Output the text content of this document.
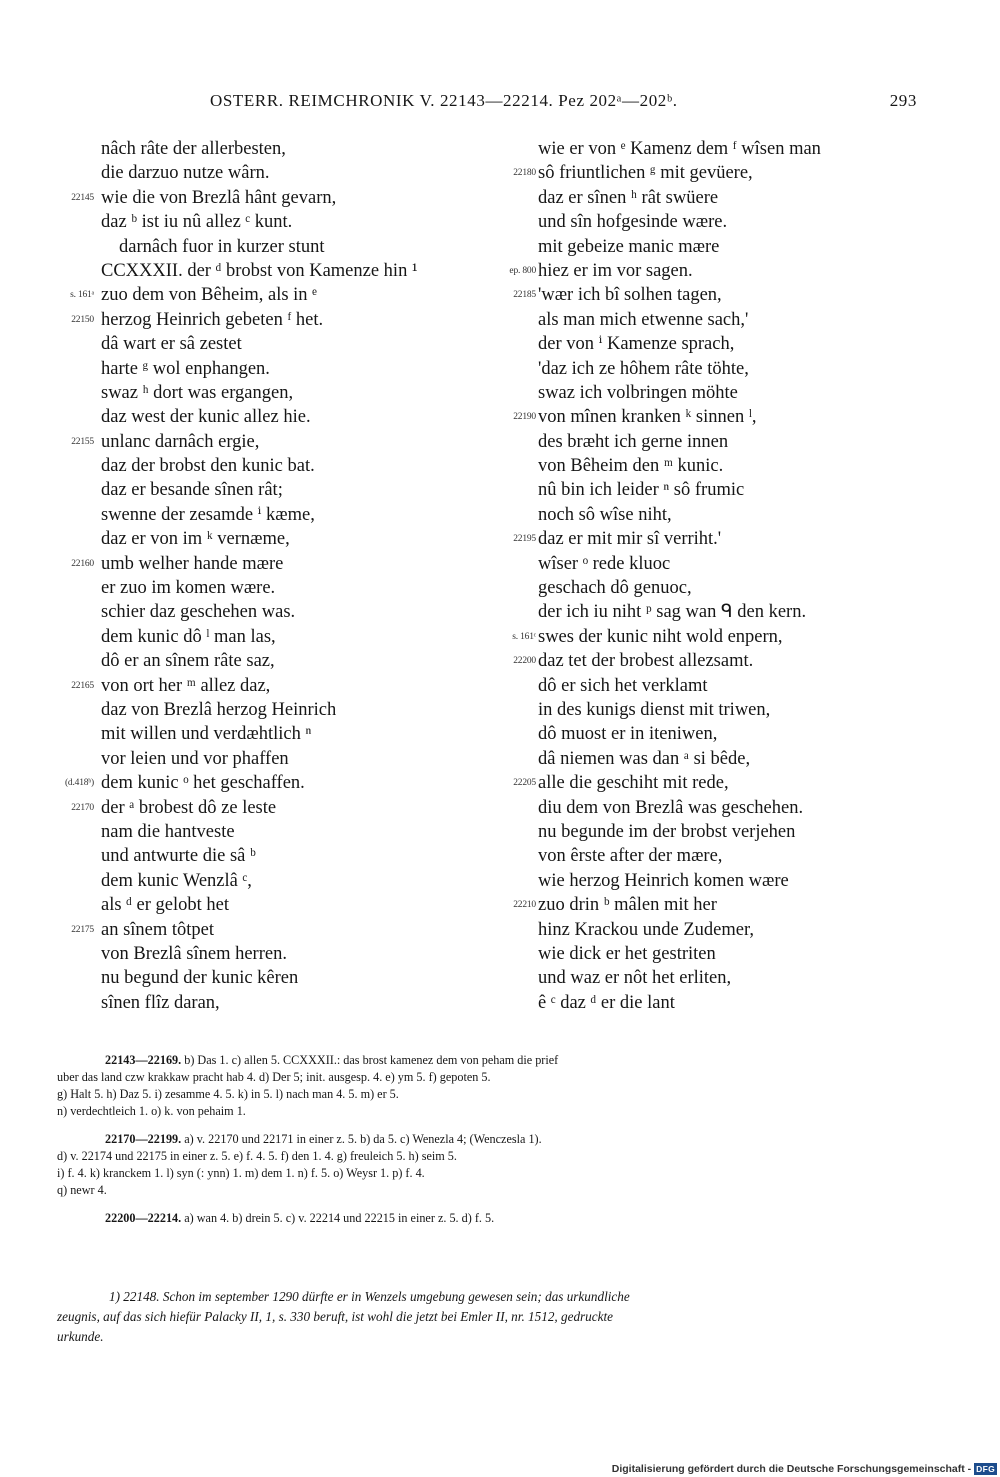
OSTERR. REIMCHRONIK V. 22143—22214. Pez 202ᵃ—202ᵇ.	293
nâch râte der allerbesten,
die darzuo nutze wârn.
22145 wie die von Brezlâ hânt gevarn,
daz ᵇ ist iu nû allez ᶜ kunt.
darnâch fuor in kurzer stunt
CCXXXII. der ᵈ brobst von Kamenze hin ¹
s. 161ᵃ zuo dem von Bêheim, als in ᵉ
22150 herzog Heinrich gebeten ᶠ het.
dâ wart er sâ zestet
harte ᵍ wol enphangen.
swaz ʰ dort was ergangen,
daz west der kunic allez hie.
22155 unlanc darnâch ergie,
daz der brobst den kunic bat.
daz er besande sînen rât;
swenne der zesamde ⁱ kæme,
daz er von im ᵏ vernæme,
22160 umb welher hande mære
er zuo im komen wære.
schier daz geschehen was.
dem kunic dô ˡ man las,
dô er an sînem râte saz,
22165 von ort her ᵐ allez daz,
daz von Brezlâ herzog Heinrich
mit willen und verdæhtlich ⁿ
vor leien und vor phaffen
(d.418ᵇ) dem kunic ᵒ het geschaffen.
22170 der ᵃ brobest dô ze leste
nam die hantveste
und antwurte die sâ ᵇ
dem kunic Wenzlâ ᶜ,
als ᵈ er gelobt het
22175 an sînem tôtpet
von Brezlâ sînem herren.
nu begund der kunic kêren
sînen flîz daran,
wie er von ᵉ Kamenz dem ᶠ wîsen man
22180 sô friuntlichen ᵍ mit gevüere,
daz er sînen ʰ rât swüere
und sîn hofgesinde wære.
mit gebeize manic mære
ep. 800 hiez er im vor sagen.
22185 'wær ich bî solhen tagen,
als man mich etwenne sach,'
der von ⁱ Kamenze sprach,
'daz ich ze hôhem râte töhte,
swaz ich volbringen möhte
22190 von mînen kranken ᵏ sinnen ˡ,
des bræht ich gerne innen
von Bêheim den ᵐ kunic.
nû bin ich leider ⁿ sô frumic
noch sô wîse niht,
22195 daz er mit mir sî verriht.'
wîser ᵒ rede kluoc
geschach dô genuoc,
der ich iu niht ᵖ sag wan ᑫ den kern.
s. 161ᶜ swes der kunic niht wold enpern,
22200 daz tet der brobest allezsamt.
dô er sich het verklamt
in des kunigs dienst mit triwen,
dô muost er in iteniwen,
dâ niemen was dan ᵃ si bêde,
22205 alle die geschiht mit rede,
diu dem von Brezlâ was geschehen.
nu begunde im der brobst verjehen
von êrste after der mære,
wie herzog Heinrich komen wære
22210 zuo drin ᵇ mâlen mit her
hinz Krackou unde Zudemer,
wie dick er het gestriten
und waz er nôt het erliten,
ê ᶜ daz ᵈ er die lant
22143—22169. b) Das 1. c) allen 5. CCXXXII.: das brost kamenez dem von peham die prief
uber das land czw krakkaw pracht hab 4. d) Der 5; init. ausgesp. 4. e) ym 5. f) gepoten 5.
g) Halt 5. h) Daz 5. i) zesamme 4. 5. k) in 5. l) nach man 4. 5. m) er 5.
n) verdechtleich 1. o) k. von pehaim 1.
22170—22199. a) v. 22170 und 22171 in einer z. 5. b) da 5. c) Wenezla 4; (Wenczesla 1).
d) v. 22174 und 22175 in einer z. 5. e) f. 4. 5. f) den 1. 4. g) freuleich 5. h) seim 5.
i) f. 4. k) kranckem 1. l) syn (: ynn) 1. m) dem 1. n) f. 5. o) Weysr 1. p) f. 4.
q) newr 4.
22200—22214. a) wan 4. b) drein 5. c) v. 22214 und 22215 in einer z. 5. d) f. 5.
1) 22148. Schon im september 1290 dürfte er in Wenzels umgebung gewesen sein; das urkundliche
zeugnis, auf das sich hiefür Palacky II, 1, s. 330 beruft, ist wohl die jetzt bei Emler II, nr. 1512, gedruckte
urkunde.
Digitalisierung gefördert durch die Deutsche Forschungsgemeinschaft - DFG
